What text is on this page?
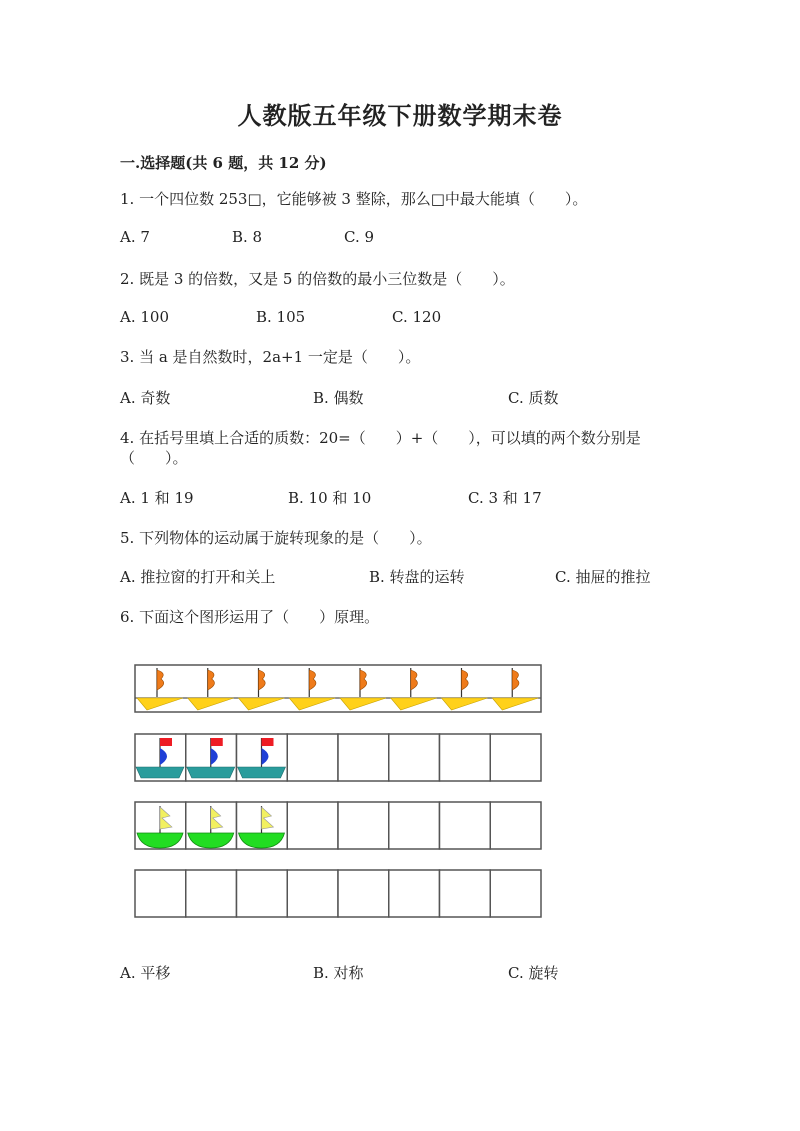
人教版五年级下册数学期末卷
一.选择题(共 6 题，共 12 分)
1. 一个四位数 253□，它能够被 3 整除，那么□中最大能填（　　）。
A. 7	B. 8	C. 9
2. 既是 3 的倍数，又是 5 的倍数的最小三位数是（　　）。
A. 100	B. 105	C. 120
3. 当 a 是自然数时，2a+1 一定是（　　）。
A. 奇数	B. 偶数	C. 质数
4. 在括号里填上合适的质数：20=（　　）+（　　），可以填的两个数分别是
（　　）。
A. 1 和 19	B. 10 和 10	C. 3 和 17
5. 下列物体的运动属于旋转现象的是（　　）。
A. 推拉窗的打开和关上	B. 转盘的运转	C. 抽屉的推拉
6. 下面这个图形运用了（　　）原理。
A. 平移	B. 对称	C. 旋转
